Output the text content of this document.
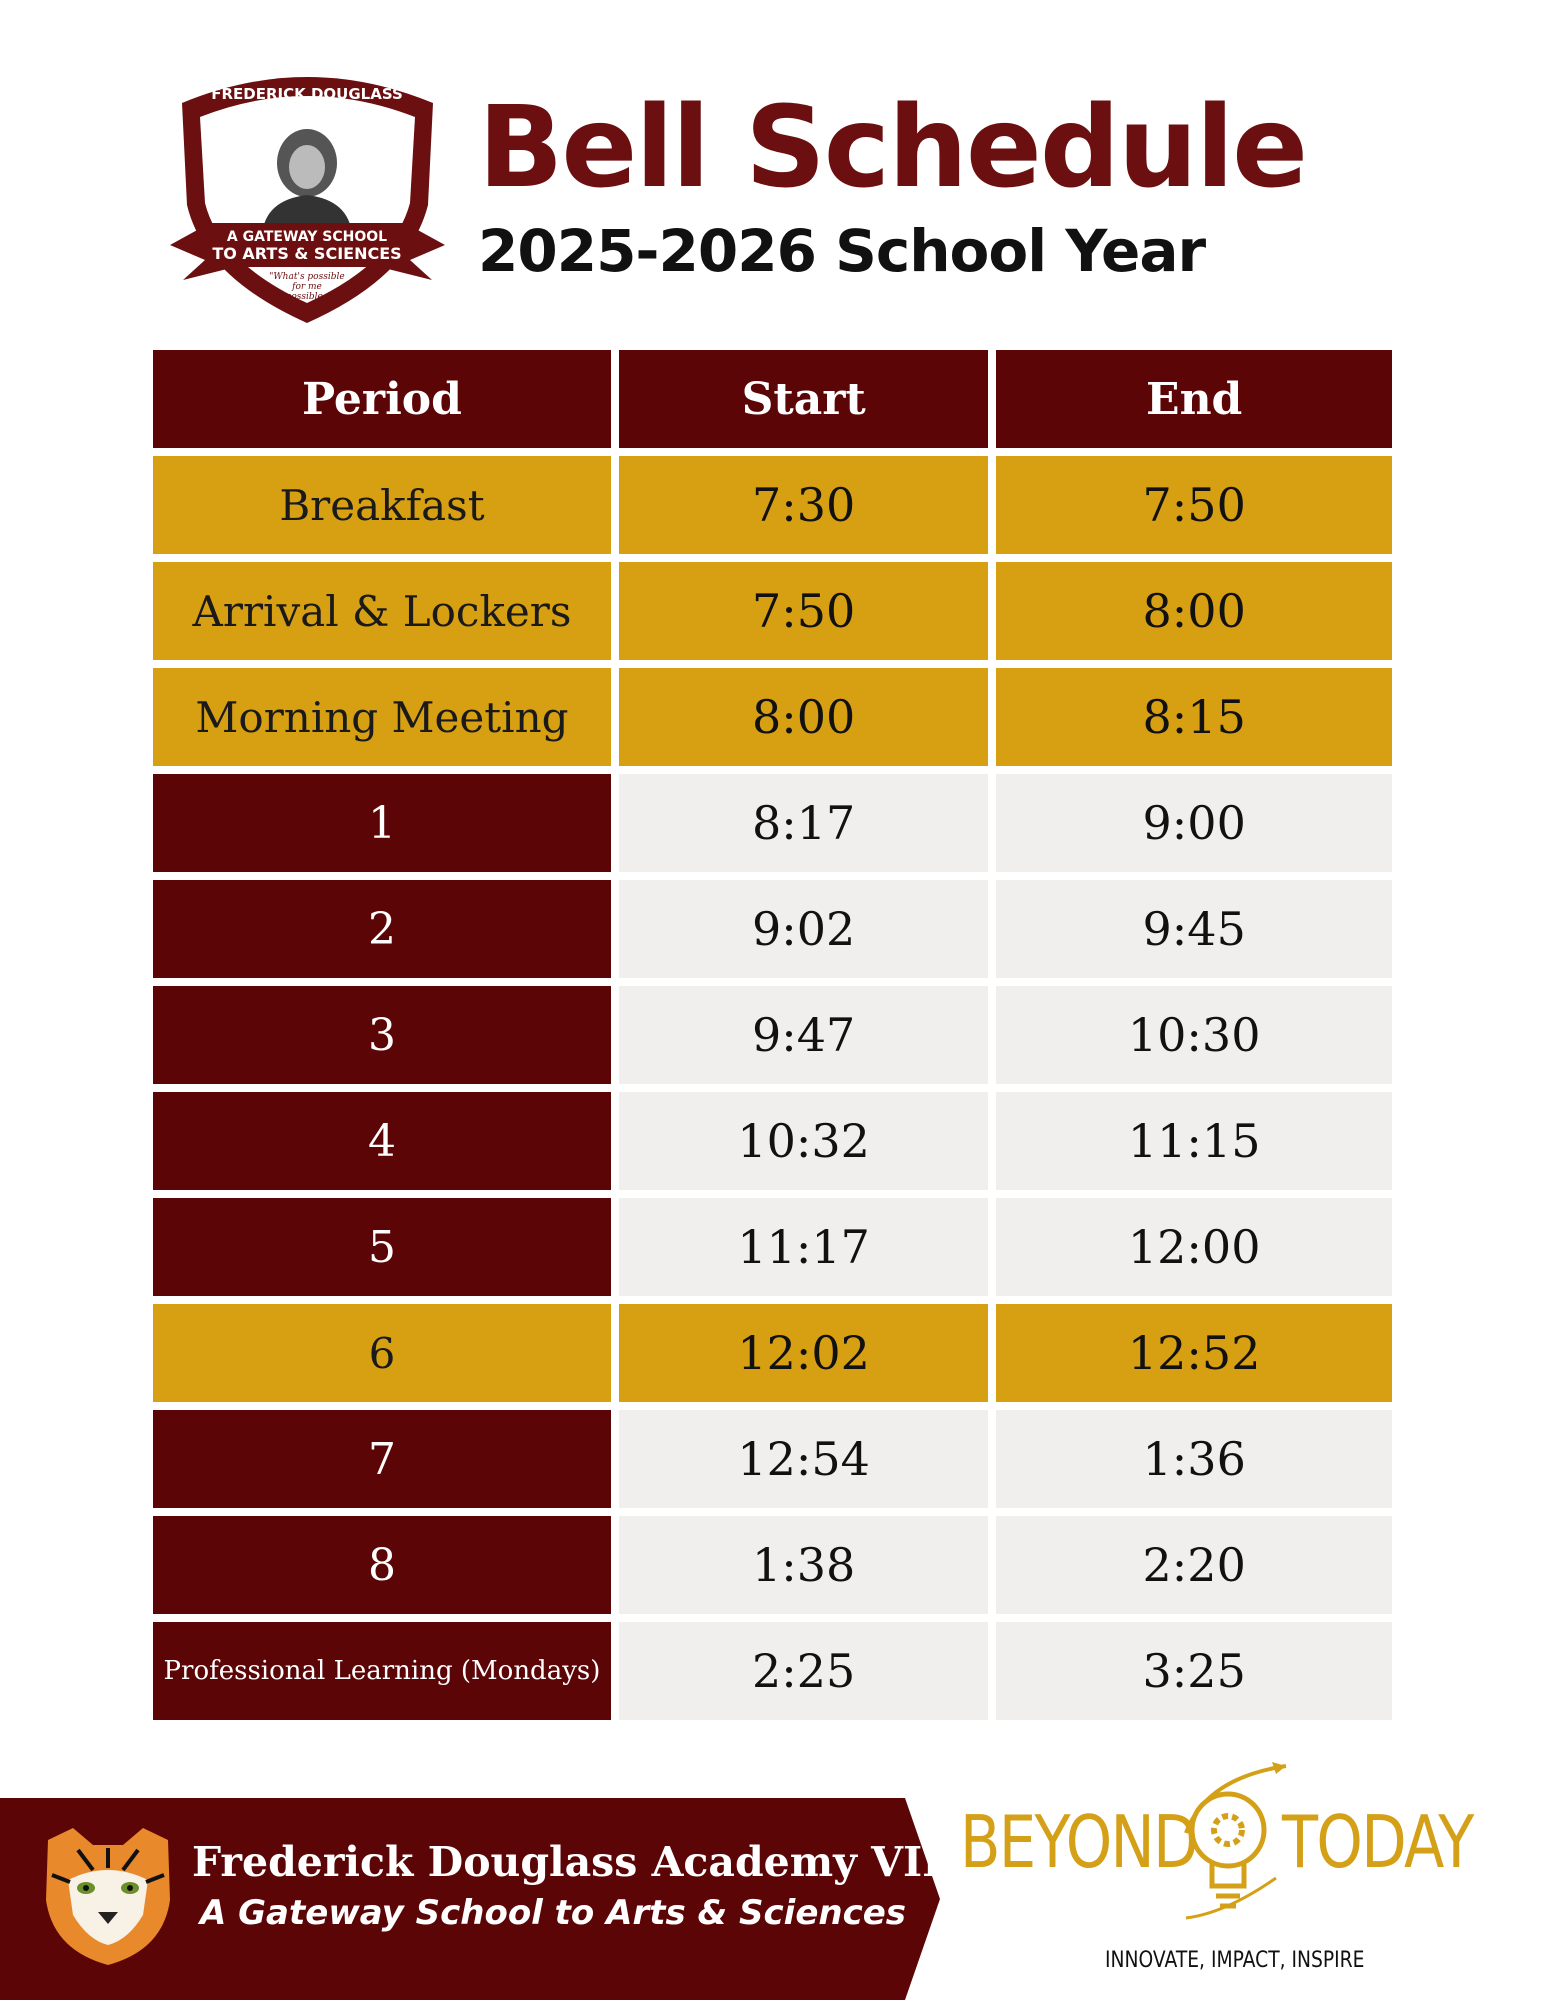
FREDERICK DOUGLASS
ACADEMY VIII
A GATEWAY SCHOOL
TO ARTS & SCIENCES
"What's possible
for me
is possible for
you."
Bell Schedule
2025-2026 School Year
Period	Start	End
Breakfast	7:30	7:50
Arrival & Lockers	7:50	8:00
Morning Meeting	8:00	8:15
1	8:17	9:00
2	9:02	9:45
3	9:47	10:30
4	10:32	11:15
5	11:17	12:00
6	12:02	12:52
7	12:54	1:36
8	1:38	2:20
Professional Learning (Mondays)	2:25	3:25

Frederick Douglass Academy VIII

A Gateway School to Arts & Sciences

BEYOND TODAY

INNOVATE, IMPACT, INSPIRE
